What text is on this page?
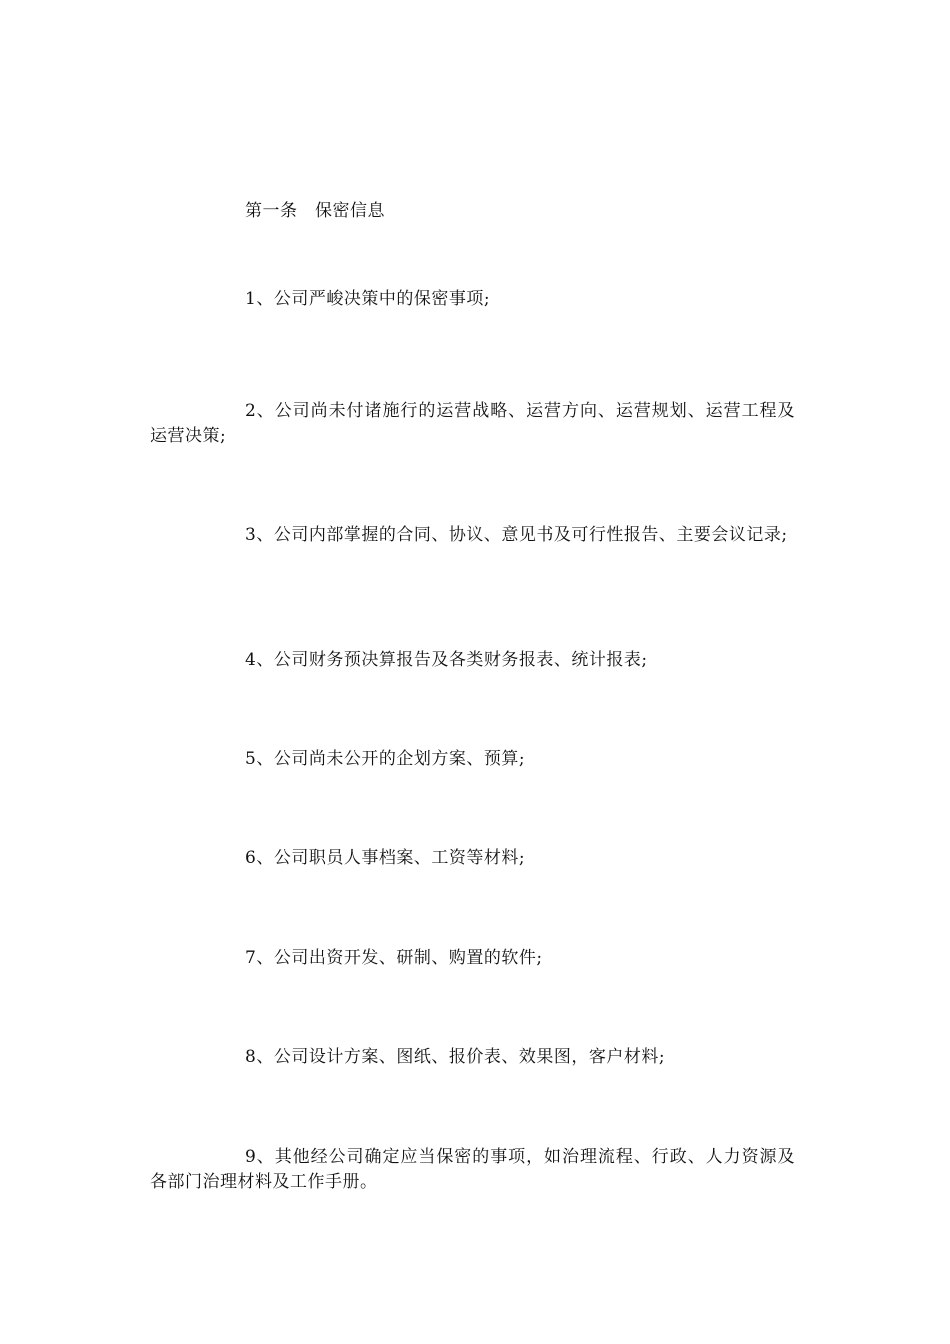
第一条　保密信息

1、公司严峻决策中的保密事项;

2、公司尚未付诸施行的运营战略、运营方向、运营规划、运营工程及运营决策;

3、公司内部掌握的合同、协议、意见书及可行性报告、主要会议记录;

4、公司财务预决算报告及各类财务报表、统计报表;

5、公司尚未公开的企划方案、预算;

6、公司职员人事档案、工资等材料;

7、公司出资开发、研制、购置的软件;

8、公司设计方案、图纸、报价表、效果图，客户材料;

9、其他经公司确定应当保密的事项，如治理流程、行政、人力资源及各部门治理材料及工作手册。
